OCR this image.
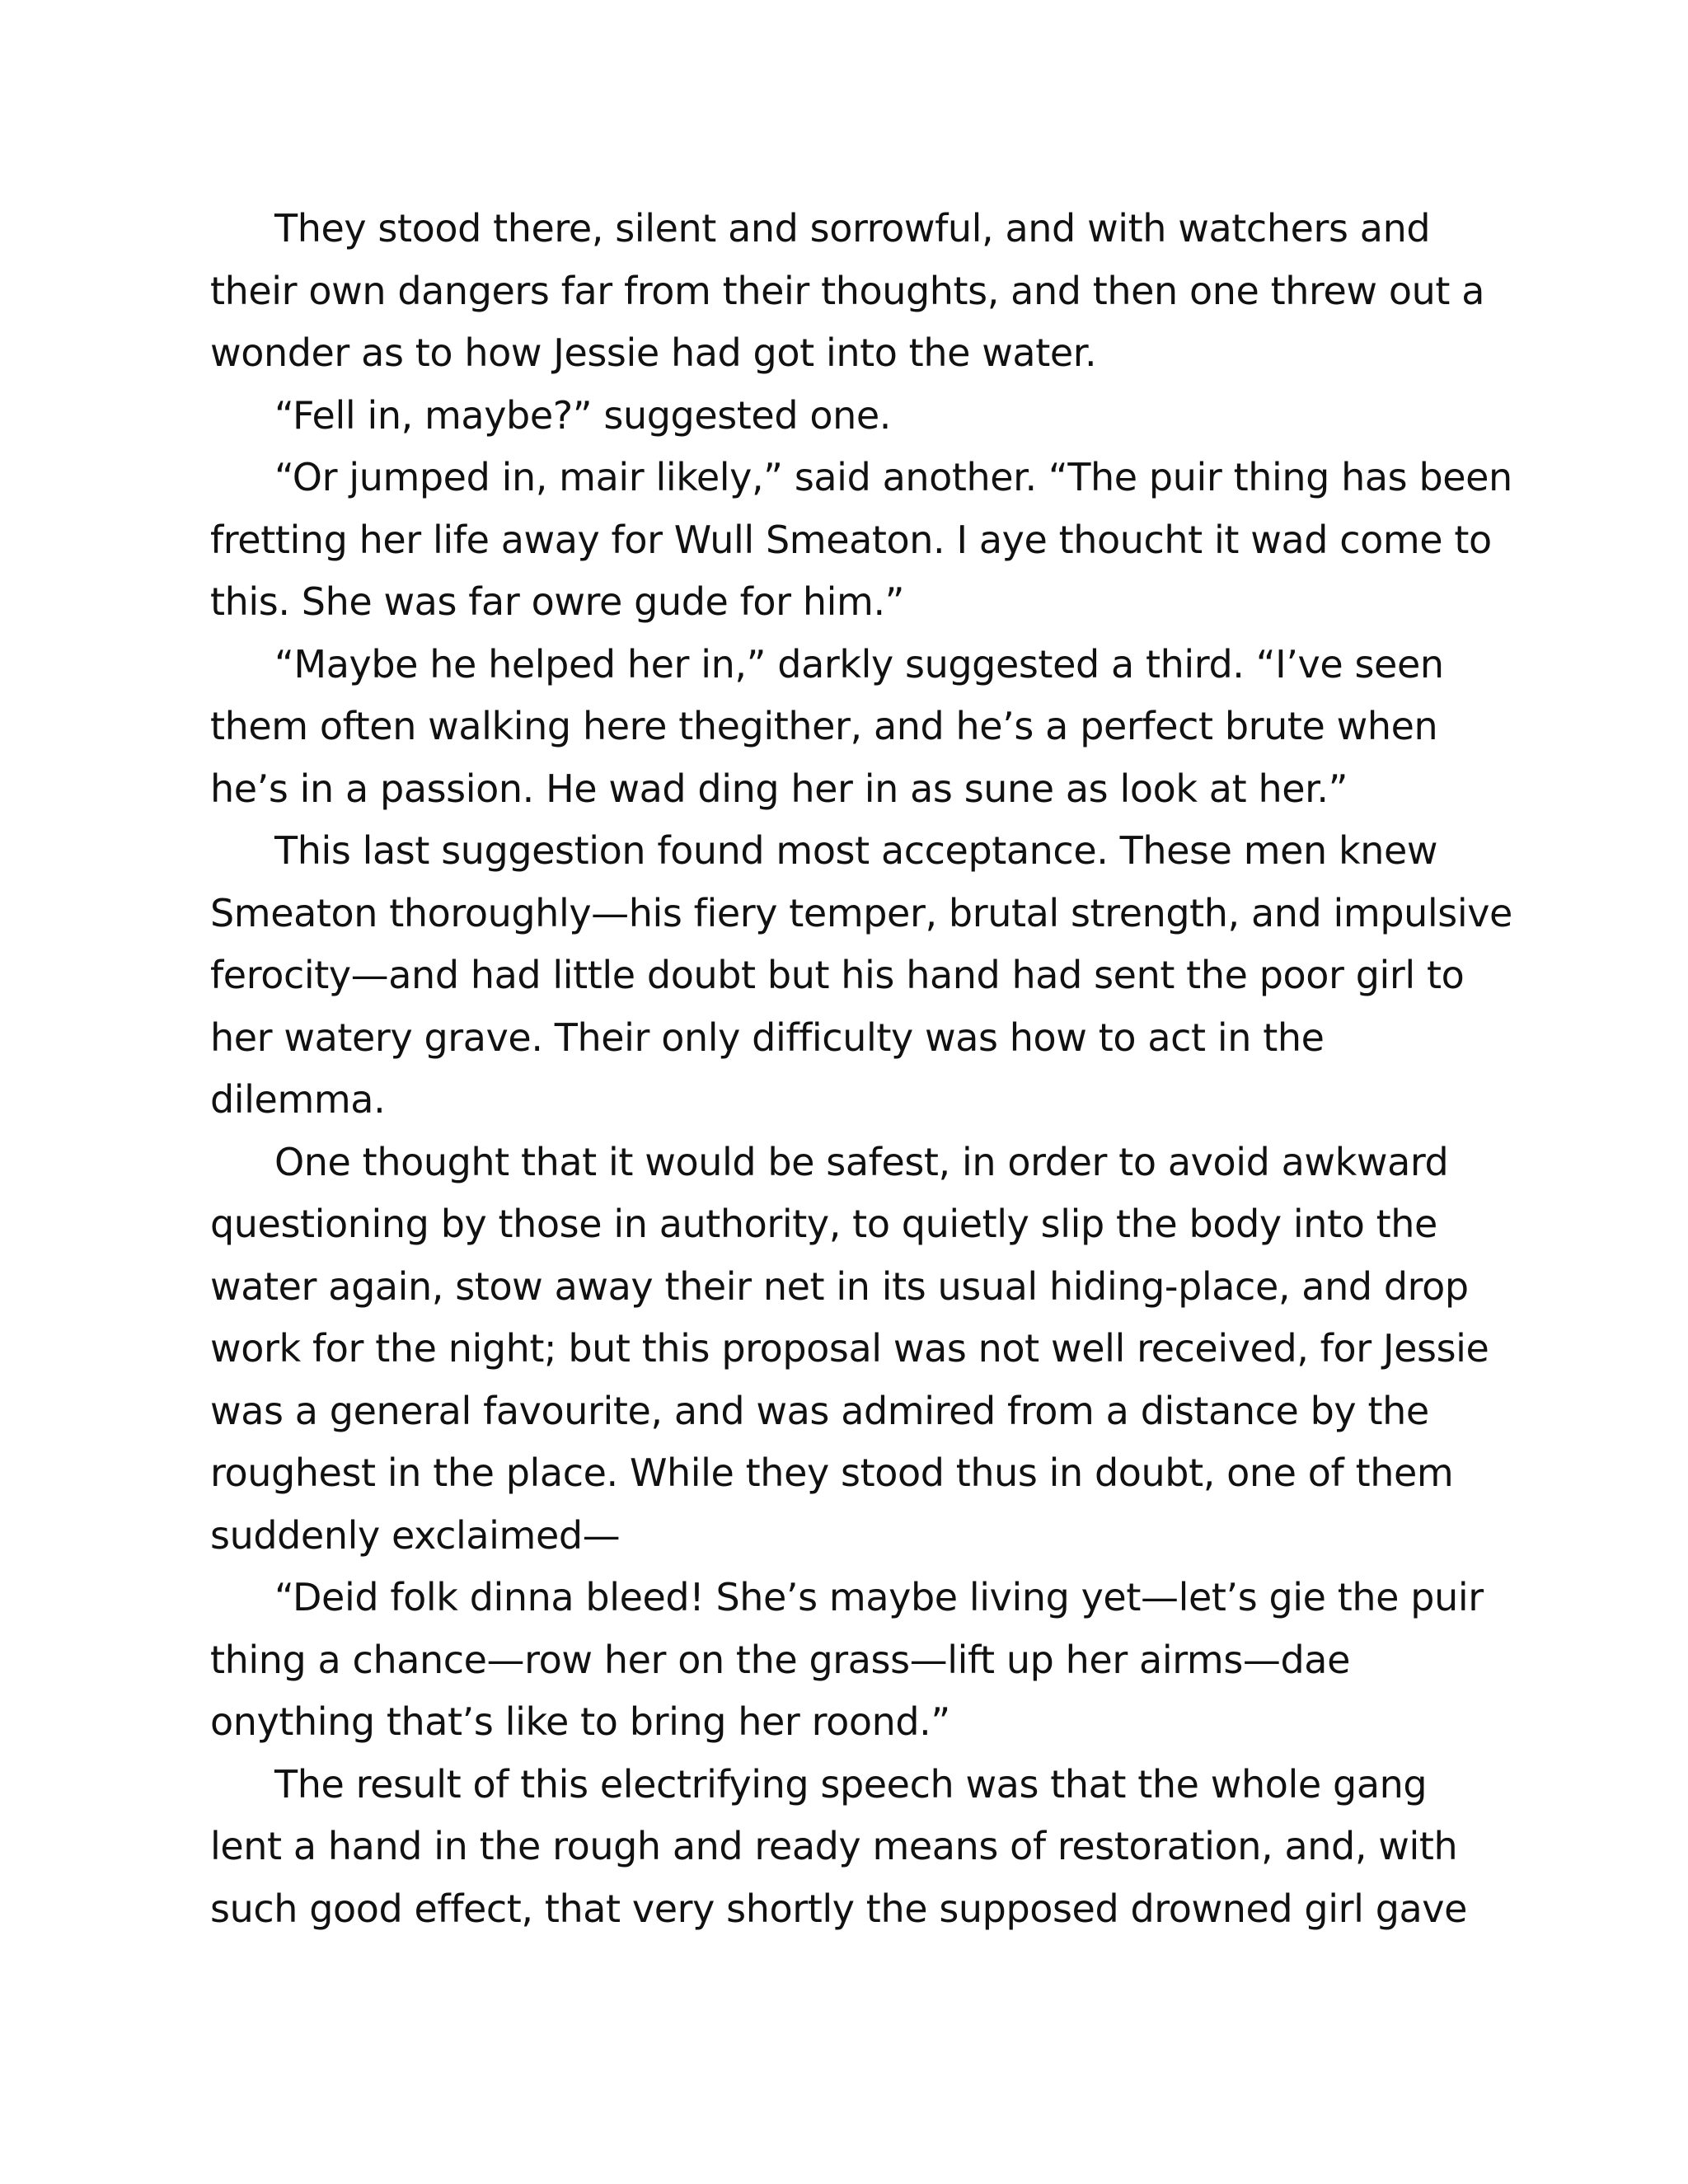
They stood there, silent and sorrowful, and with watchers and
their own dangers far from their thoughts, and then one threw out a
wonder as to how Jessie had got into the water.
“Fell in, maybe?” suggested one.
“Or jumped in, mair likely,” said another. “The puir thing has been
fretting her life away for Wull Smeaton. I aye thoucht it wad come to
this. She was far owre gude for him.”
“Maybe he helped her in,” darkly suggested a third. “I’ve seen
them often walking here thegither, and he’s a perfect brute when
he’s in a passion. He wad ding her in as sune as look at her.”
This last suggestion found most acceptance. These men knew
Smeaton thoroughly—his fiery temper, brutal strength, and impulsive
ferocity—and had little doubt but his hand had sent the poor girl to
her watery grave. Their only difficulty was how to act in the
dilemma.
One thought that it would be safest, in order to avoid awkward
questioning by those in authority, to quietly slip the body into the
water again, stow away their net in its usual hiding-place, and drop
work for the night; but this proposal was not well received, for Jessie
was a general favourite, and was admired from a distance by the
roughest in the place. While they stood thus in doubt, one of them
suddenly exclaimed—
“Deid folk dinna bleed! She’s maybe living yet—let’s gie the puir
thing a chance—row her on the grass—lift up her airms—dae
onything that’s like to bring her roond.”
The result of this electrifying speech was that the whole gang
lent a hand in the rough and ready means of restoration, and, with
such good effect, that very shortly the supposed drowned girl gave
